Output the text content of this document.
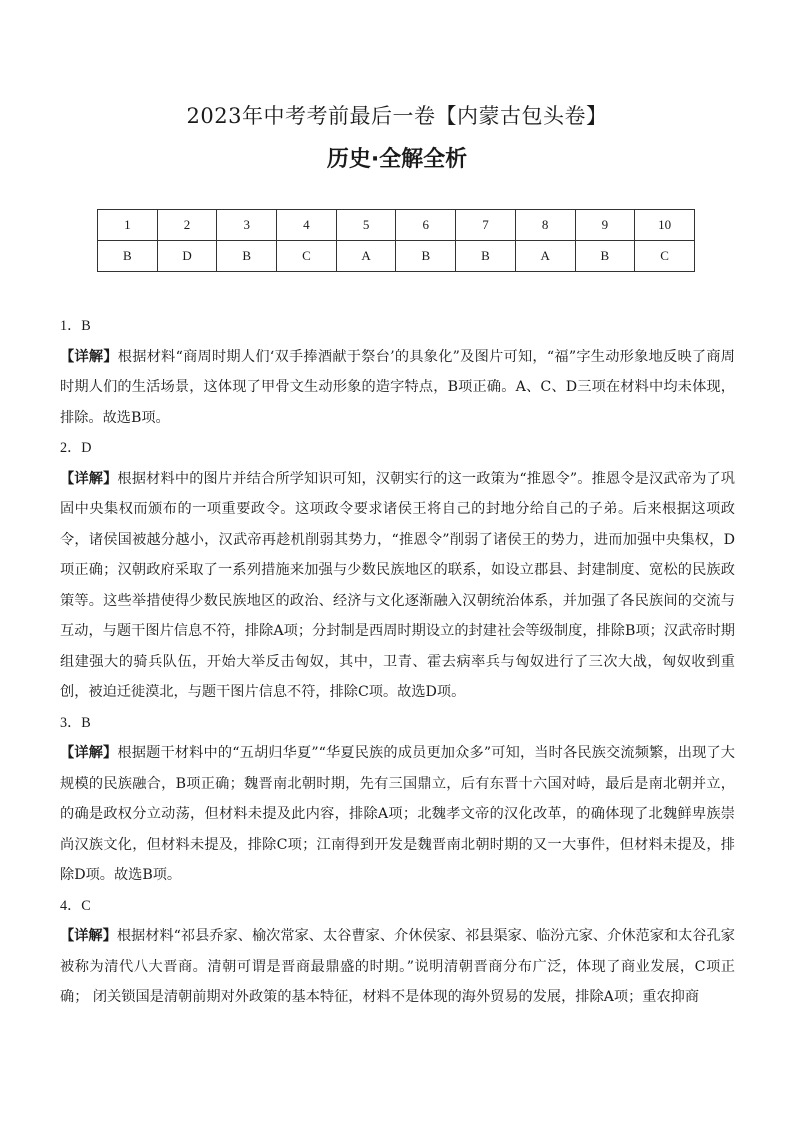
2023年中考考前最后一卷【内蒙古包头卷】
历史·全解全析
1	2	3	4	5	6	7	8	9	10
B	D	B	C	A	B	B	A	B	C

1．B

【详解】根据材料“商周时期人们‘双手捧酒献于祭台’的具象化”及图片可知，“福”字生动形象地反映了商周时期人们的生活场景，这体现了甲骨文生动形象的造字特点，B项正确。A、C、D三项在材料中均未体现，排除。故选B项。

2．D

【详解】根据材料中的图片并结合所学知识可知，汉朝实行的这一政策为“推恩令”。推恩令是汉武帝为了巩固中央集权而颁布的一项重要政令。这项政令要求诸侯王将自己的封地分给自己的子弟。后来根据这项政令，诸侯国被越分越小，汉武帝再趁机削弱其势力，“推恩令”削弱了诸侯王的势力，进而加强中央集权，D项正确；汉朝政府采取了一系列措施来加强与少数民族地区的联系，如设立郡县、封建制度、宽松的民族政策等。这些举措使得少数民族地区的政治、经济与文化逐渐融入汉朝统治体系，并加强了各民族间的交流与互动，与题干图片信息不符，排除A项；分封制是西周时期设立的封建社会等级制度，排除B项；汉武帝时期组建强大的骑兵队伍，开始大举反击匈奴，其中，卫青、霍去病率兵与匈奴进行了三次大战，匈奴收到重创，被迫迁徙漠北，与题干图片信息不符，排除C项。故选D项。

3．B

【详解】根据题干材料中的“五胡归华夏”“华夏民族的成员更加众多”可知，当时各民族交流频繁，出现了大规模的民族融合，B项正确；魏晋南北朝时期，先有三国鼎立，后有东晋十六国对峙，最后是南北朝并立，的确是政权分立动荡，但材料未提及此内容，排除A项；北魏孝文帝的汉化改革，的确体现了北魏鲜卑族崇尚汉族文化，但材料未提及，排除C项；江南得到开发是魏晋南北朝时期的又一大事件，但材料未提及，排除D项。故选B项。

4．C

【详解】根据材料“祁县乔家、榆次常家、太谷曹家、介休侯家、祁县渠家、临汾亢家、介休范家和太谷孔家被称为清代八大晋商。清朝可谓是晋商最鼎盛的时期。”说明清朝晋商分布广泛，体现了商业发展，C项正确； 闭关锁国是清朝前期对外政策的基本特征，材料不是体现的海外贸易的发展，排除A项；重农抑商
